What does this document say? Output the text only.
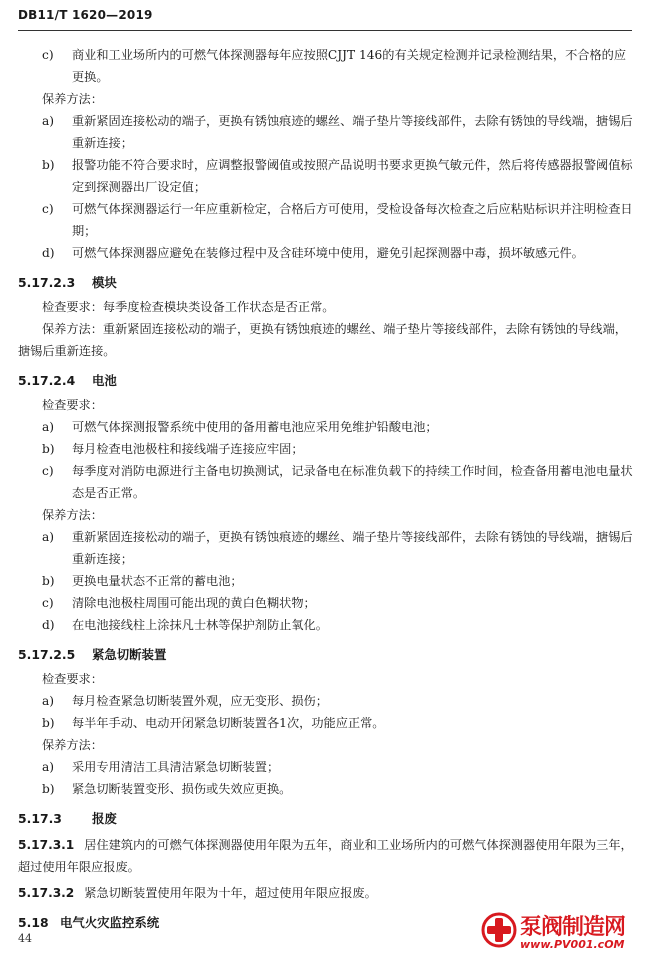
DB11/T 1620—2019
c)	商业和工业场所内的可燃气体探测器每年应按照CJJT 146的有关规定检测并记录检测结果，不合格的应更换。
保养方法：
a)	重新紧固连接松动的端子，更换有锈蚀痕迹的螺丝、端子垫片等接线部件，去除有锈蚀的导线端，搪锡后重新连接；
b)	报警功能不符合要求时，应调整报警阈值或按照产品说明书要求更换气敏元件，然后将传感器报警阈值标定到探测器出厂设定值；
c)	可燃气体探测器运行一年应重新检定，合格后方可使用，受检设备每次检查之后应粘贴标识并注明检查日期；
d)	可燃气体探测器应避免在装修过程中及含硅环境中使用，避免引起探测器中毒，损坏敏感元件。
5.17.2.3 模块
检查要求：每季度检查模块类设备工作状态是否正常。
保养方法：重新紧固连接松动的端子，更换有锈蚀痕迹的螺丝、端子垫片等接线部件，去除有锈蚀的导线端，搪锡后重新连接。
5.17.2.4 电池
检查要求：
a)	可燃气体探测报警系统中使用的备用蓄电池应采用免维护铅酸电池；
b)	每月检查电池极柱和接线端子连接应牢固；
c)	每季度对消防电源进行主备电切换测试，记录备电在标准负载下的持续工作时间，检查备用蓄电池电量状态是否正常。
保养方法：
a)	重新紧固连接松动的端子，更换有锈蚀痕迹的螺丝、端子垫片等接线部件，去除有锈蚀的导线端，搪锡后重新连接；
b)	更换电量状态不正常的蓄电池；
c)	清除电池极柱周围可能出现的黄白色糊状物；
d)	在电池接线柱上涂抹凡士林等保护剂防止氧化。
5.17.2.5 紧急切断装置
检查要求：
a)	每月检查紧急切断装置外观，应无变形、损伤；
b)	每半年手动、电动开闭紧急切断装置各1次，功能应正常。
保养方法：
a)	采用专用清洁工具清洁紧急切断装置；
b)	紧急切断装置变形、损伤或失效应更换。
5.17.3 报废
5.17.3.1 居住建筑内的可燃气体探测器使用年限为五年，商业和工业场所内的可燃气体探测器使用年限为三年，超过使用年限应报废。
5.17.3.2 紧急切断装置使用年限为十年，超过使用年限应报废。
5.18 电气火灾监控系统
44	泵阀制造网
www.PV001.cOM
